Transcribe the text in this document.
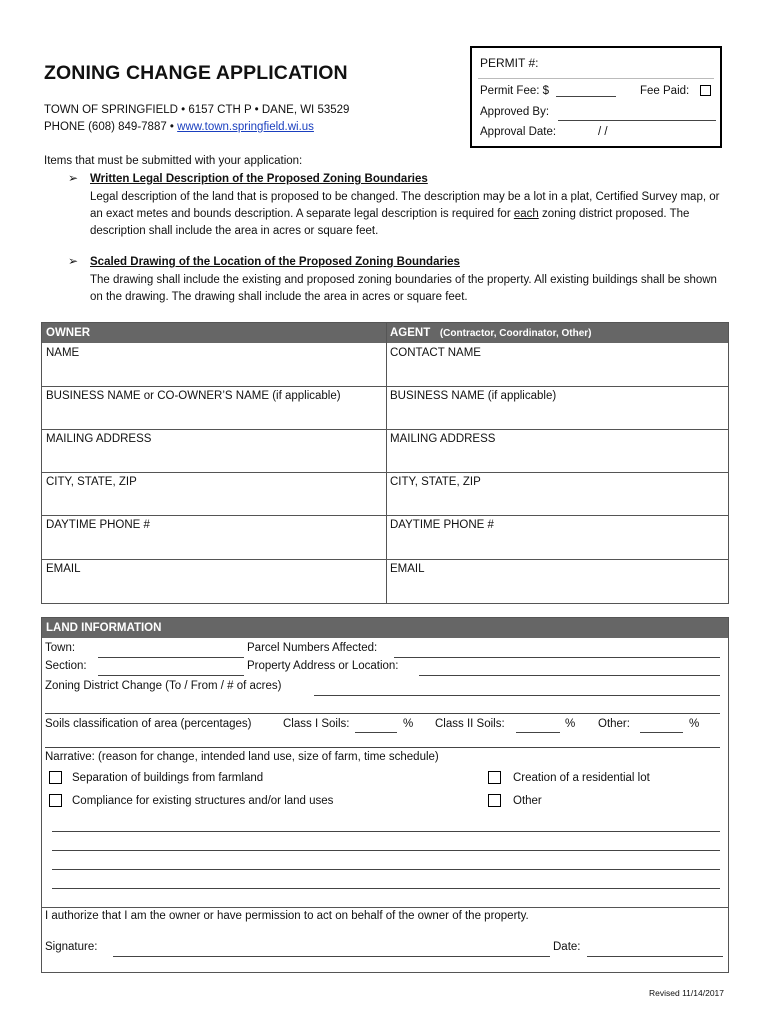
ZONING CHANGE APPLICATION
TOWN OF SPRINGFIELD • 6157 CTH P • DANE, WI 53529
PHONE (608) 849-7887 • www.town.springfield.wi.us
PERMIT #:
Permit Fee: $	Fee Paid:
Approved By:
Approval Date:	/ /
Items that must be submitted with your application:
➢ Written Legal Description of the Proposed Zoning Boundaries
Legal description of the land that is proposed to be changed. The description may be a lot in a plat, Certified Survey map, or an exact metes and bounds description. A separate legal description is required for each zoning district proposed. The description shall include the area in acres or square feet.
➢ Scaled Drawing of the Location of the Proposed Zoning Boundaries
The drawing shall include the existing and proposed zoning boundaries of the property. All existing buildings shall be shown on the drawing. The drawing shall include the area in acres or square feet.
OWNER	AGENT (Contractor, Coordinator, Other)
NAME	CONTACT NAME
BUSINESS NAME or CO-OWNER’S NAME (if applicable)	BUSINESS NAME (if applicable)
MAILING ADDRESS	MAILING ADDRESS
CITY, STATE, ZIP	CITY, STATE, ZIP
DAYTIME PHONE #	DAYTIME PHONE #
EMAIL	EMAIL
LAND INFORMATION
Town:	Parcel Numbers Affected:
Section:	Property Address or Location:
Zoning District Change (To / From / # of acres)
Soils classification of area (percentages)	Class I Soils:	% Class II Soils:	% Other:	%
Narrative: (reason for change, intended land use, size of farm, time schedule)
Separation of buildings from farmland	Creation of a residential lot
Compliance for existing structures and/or land uses	Other
I authorize that I am the owner or have permission to act on behalf of the owner of the property.
Signature:	Date:
Revised 11/14/2017
